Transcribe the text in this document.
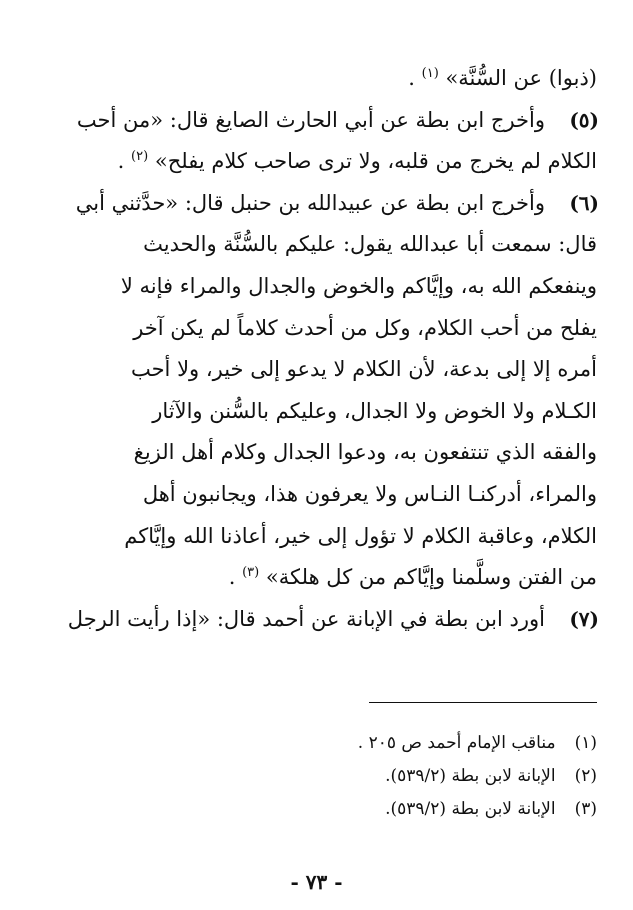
(ذبوا) عن السُّنَّة» $^{(١)}$ .
(٥)
وأخرج ابن بطة عن أبي الحارث الصايغ قال: «من أحب
الكلام لم يخرج من قلبه، ولا ترى صاحب كلام يفلح» $^{(٢)}$ .
(٦)
وأخرج ابن بطة عن عبيدالله بن حنبل قال: «حدَّثني أبي
قال: سمعت أبا عبدالله يقول: عليكم بالسُّنَّة والحديث
وينفعكم الله به، وإيَّاكم والخوض والجدال والمراء فإنه لا
يفلح من أحب الكلام، وكل من أحدث كلاماً لم يكن آخر
أمره إلا إلى بدعة، لأن الكلام لا يدعو إلى خير، ولا أحب
الكـلام ولا الخوض ولا الجدال، وعليكم بالسُّنن والآثار
والفقه الذي تنتفعون به، ودعوا الجدال وكلام أهل الزيغ
والمراء، أدركنـا النـاس ولا يعرفون هذا، ويجانبون أهل
الكلام، وعاقبة الكلام لا تؤول إلى خير، أعاذنا الله وإيَّاكم
من الفتن وسلَّمنا وإيَّاكم من كل هلكة» $^{(٣)}$ .
(٧)
أورد ابن بطة في الإبانة عن أحمد قال: «إذا رأيت الرجل
(١) مناقب الإمام أحمد ص ٢٠٥ .
(٢) الإبانة لابن بطة (٥٣٩/٢).
(٣) الإبانة لابن بطة (٥٣٩/٢).
- ٧٣ -
